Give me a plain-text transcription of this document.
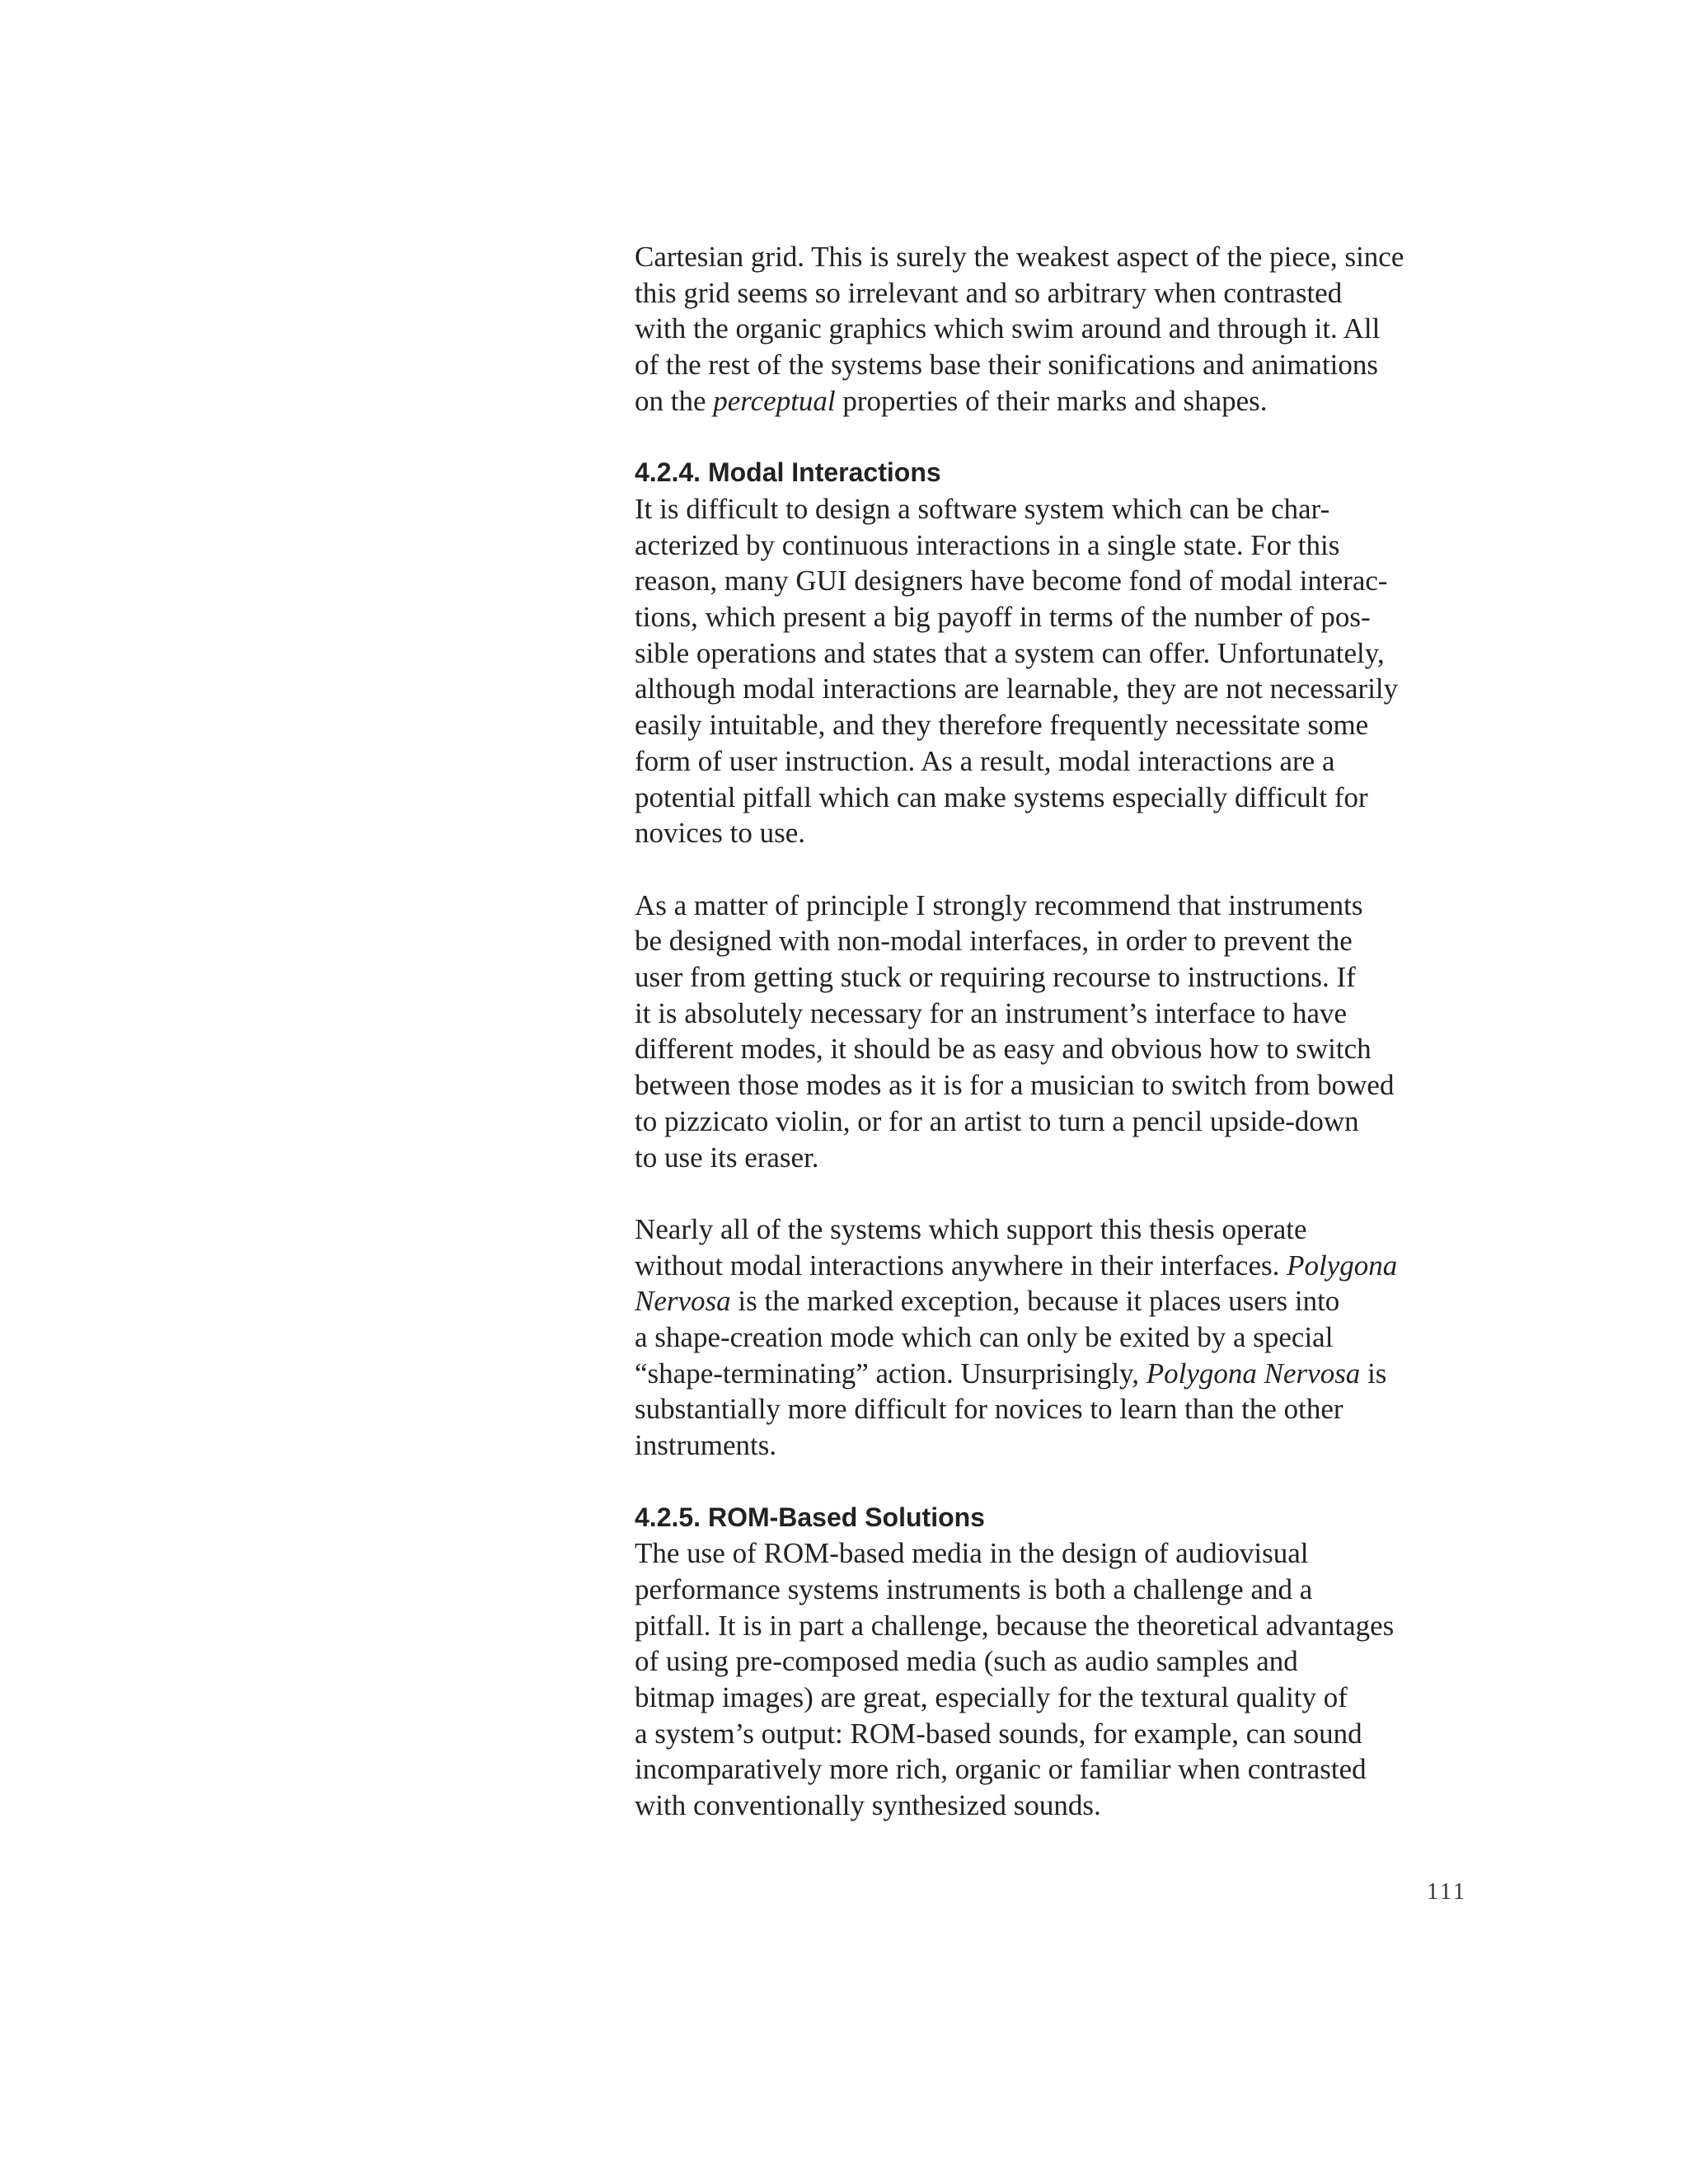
Cartesian grid. This is surely the weakest aspect of the piece, since
this grid seems so irrelevant and so arbitrary when contrasted
with the organic graphics which swim around and through it. All
of the rest of the systems base their sonifications and animations
on the perceptual properties of their marks and shapes.

4.2.4. Modal Interactions

It is difficult to design a software system which can be char-
acterized by continuous interactions in a single state. For this
reason, many GUI designers have become fond of modal interac-
tions, which present a big payoff in terms of the number of pos-
sible operations and states that a system can offer. Unfortunately,
although modal interactions are learnable, they are not necessarily
easily intuitable, and they therefore frequently necessitate some
form of user instruction. As a result, modal interactions are a
potential pitfall which can make systems especially difficult for
novices to use.

As a matter of principle I strongly recommend that instruments
be designed with non-modal interfaces, in order to prevent the
user from getting stuck or requiring recourse to instructions. If
it is absolutely necessary for an instrument’s interface to have
different modes, it should be as easy and obvious how to switch
between those modes as it is for a musician to switch from bowed
to pizzicato violin, or for an artist to turn a pencil upside-down
to use its eraser.

Nearly all of the systems which support this thesis operate
without modal interactions anywhere in their interfaces. Polygona
Nervosa is the marked exception, because it places users into
a shape-creation mode which can only be exited by a special
“shape-terminating” action. Unsurprisingly, Polygona Nervosa is
substantially more difficult for novices to learn than the other
instruments.

4.2.5. ROM-Based Solutions

The use of ROM-based media in the design of audiovisual
performance systems instruments is both a challenge and a
pitfall. It is in part a challenge, because the theoretical advantages
of using pre-composed media (such as audio samples and
bitmap images) are great, especially for the textural quality of
a system’s output: ROM-based sounds, for example, can sound
incomparatively more rich, organic or familiar when contrasted
with conventionally synthesized sounds.

111
